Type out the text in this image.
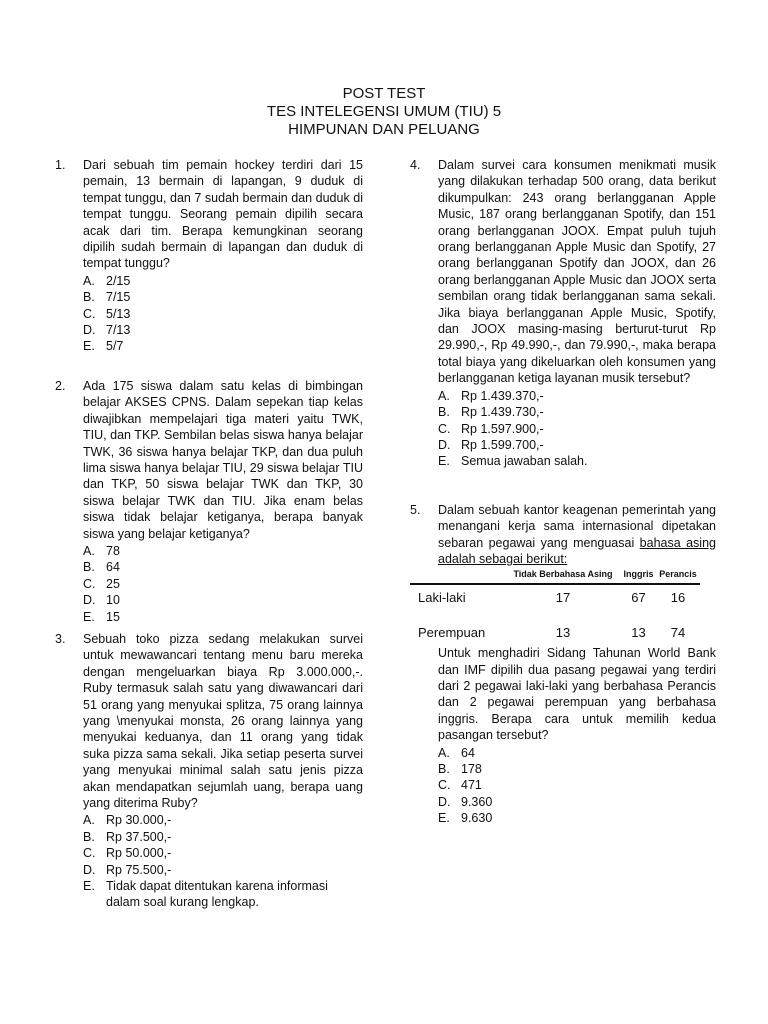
POST TEST
TES INTELEGENSI UMUM (TIU) 5
HIMPUNAN DAN PELUANG
1. Dari sebuah tim pemain hockey terdiri dari 15 pemain, 13 bermain di lapangan, 9 duduk di tempat tunggu, dan 7 sudah bermain dan duduk di tempat tunggu. Seorang pemain dipilih secara acak dari tim. Berapa kemungkinan seorang dipilih sudah bermain di lapangan dan duduk di tempat tunggu?
A. 2/15
B. 7/15
C. 5/13
D. 7/13
E. 5/7
2. Ada 175 siswa dalam satu kelas di bimbingan belajar AKSES CPNS. Dalam sepekan tiap kelas diwajibkan mempelajari tiga materi yaitu TWK, TIU, dan TKP. Sembilan belas siswa hanya belajar TWK, 36 siswa hanya belajar TKP, dan dua puluh lima siswa hanya belajar TIU, 29 siswa belajar TIU dan TKP, 50 siswa belajar TWK dan TKP, 30 siswa belajar TWK dan TIU. Jika enam belas siswa tidak belajar ketiganya, berapa banyak siswa yang belajar ketiganya?
A. 78
B. 64
C. 25
D. 10
E. 15
3. Sebuah toko pizza sedang melakukan survei untuk mewawancari tentang menu baru mereka dengan mengeluarkan biaya Rp 3.000.000,-. Ruby termasuk salah satu yang diwawancari dari 51 orang yang menyukai splitza, 75 orang lainnya yang \menyukai monsta, 26 orang lainnya yang menyukai keduanya, dan 11 orang yang tidak suka pizza sama sekali. Jika setiap peserta survei yang menyukai minimal salah satu jenis pizza akan mendapatkan sejumlah uang, berapa uang yang diterima Ruby?
A. Rp 30.000,-
B. Rp 37.500,-
C. Rp 50.000,-
D. Rp 75.500,-
E. Tidak dapat ditentukan karena informasi dalam soal kurang lengkap.
4. Dalam survei cara konsumen menikmati musik yang dilakukan terhadap 500 orang, data berikut dikumpulkan: 243 orang berlangganan Apple Music, 187 orang berlangganan Spotify, dan 151 orang berlangganan JOOX. Empat puluh tujuh orang berlangganan Apple Music dan Spotify, 27 orang berlangganan Spotify dan JOOX, dan 26 orang berlangganan Apple Music dan JOOX serta sembilan orang tidak berlangganan sama sekali. Jika biaya berlangganan Apple Music, Spotify, dan JOOX masing-masing berturut-turut Rp 29.990,-, Rp 49.990,-, dan 79.990,-, maka berapa total biaya yang dikeluarkan oleh konsumen yang berlangganan ketiga layanan musik tersebut?
A. Rp 1.439.370,-
B. Rp 1.439.730,-
C. Rp 1.597.900,-
D. Rp 1.599.700,-
E. Semua jawaban salah.
5. Dalam sebuah kantor keagenan pemerintah yang menangani kerja sama internasional dipetakan sebaran pegawai yang menguasai bahasa asing adalah sebagai berikut:
	Tidak Berbahasa Asing	Inggris	Perancis
Laki-laki	17	67	16
Perempuan	13	13	74
Untuk menghadiri Sidang Tahunan World Bank dan IMF dipilih dua pasang pegawai yang terdiri dari 2 pegawai laki-laki yang berbahasa Perancis dan 2 pegawai perempuan yang berbahasa inggris. Berapa cara untuk memilih kedua pasangan tersebut?
A. 64
B. 178
C. 471
D. 9.360
E. 9.630
